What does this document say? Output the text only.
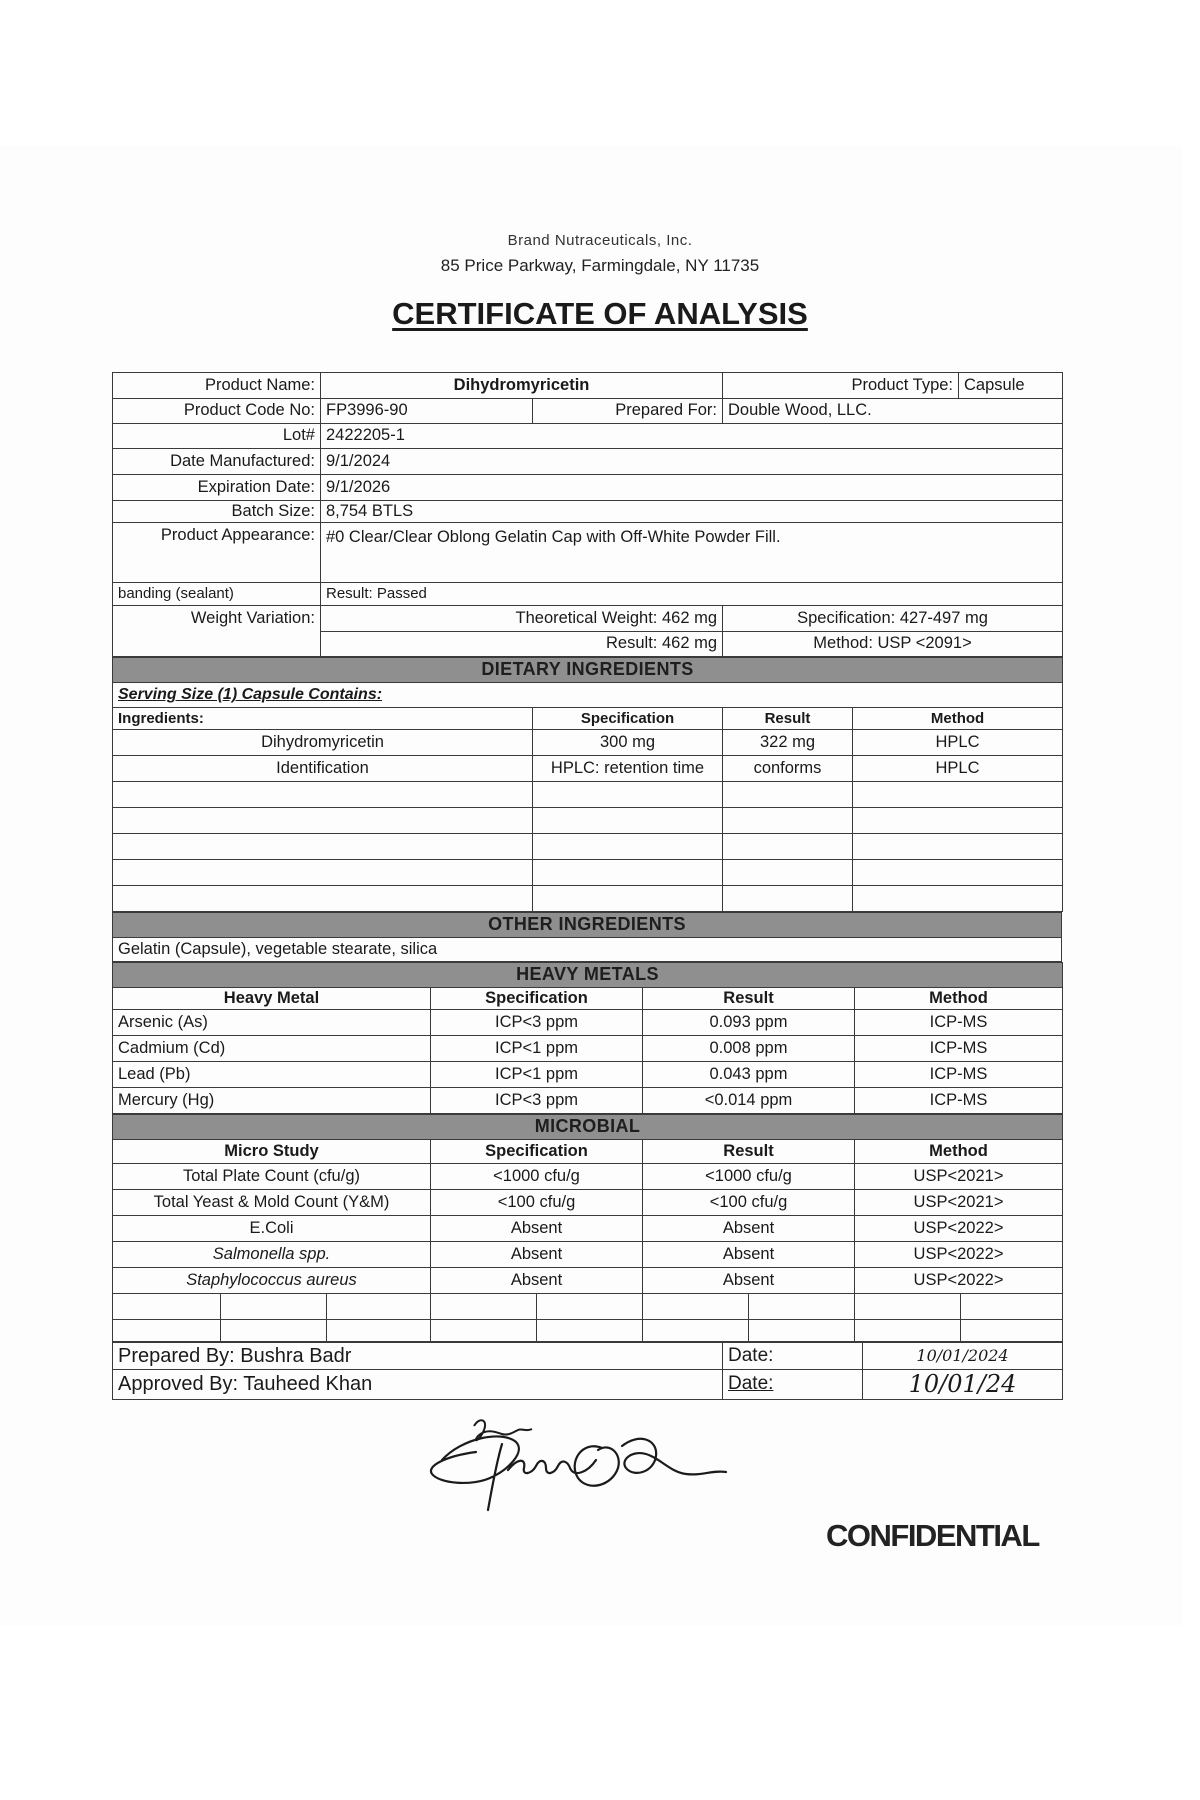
Brand Nutraceuticals, Inc.
85 Price Parkway, Farmingdale, NY 11735
CERTIFICATE OF ANALYSIS
Product Name:	Dihydromyricetin		Product Type:	Capsule
Product Code No:	FP3996-90	Prepared For:	Double Wood, LLC.	
Lot#	2422205-1			
Date Manufactured:	9/1/2024			
Expiration Date:	9/1/2026			
Batch Size:	8,754 BTLS			
Product Appearance:	#0 Clear/Clear Oblong Gelatin Cap with Off-White Powder Fill.			
banding (sealant)	Result: Passed			
Weight Variation:	Theoretical Weight: 462 mg		Specification: 427-497 mg	
	Result: 462 mg		Method: USP <2091>	
DIETARY INGREDIENTS			
Serving Size (1) Capsule Contains:			
Ingredients:	Specification	Result	Method
Dihydromyricetin	300 mg	322 mg	HPLC
Identification	HPLC: retention time	conforms	HPLC

OTHER INGREDIENTS
Gelatin (Capsule), vegetable stearate, silica
HEAVY METALS			
Heavy Metal	Specification	Result	Method
Arsenic (As)	ICP<3 ppm	0.093 ppm	ICP-MS
Cadmium (Cd)	ICP<1 ppm	0.008 ppm	ICP-MS
Lead (Pb)	ICP<1 ppm	0.043 ppm	ICP-MS
Mercury (Hg)	ICP<3 ppm	<0.014 ppm	ICP-MS
MICROBIAL								
Micro Study			Specification		Result		Method	
Total Plate Count (cfu/g)			<1000 cfu/g		<1000 cfu/g		USP<2021>	
Total Yeast & Mold Count (Y&M)			<100 cfu/g		<100 cfu/g		USP<2021>	
E.Coli			Absent		Absent		USP<2022>	
Salmonella spp.			Absent		Absent		USP<2022>	
Staphylococcus aureus			Absent		Absent		USP<2022>	

Prepared By: Bushra Badr	Date:	10/01/2024
Approved By: Tauheed Khan	Date:	10/01/24
CONFIDENTIAL
